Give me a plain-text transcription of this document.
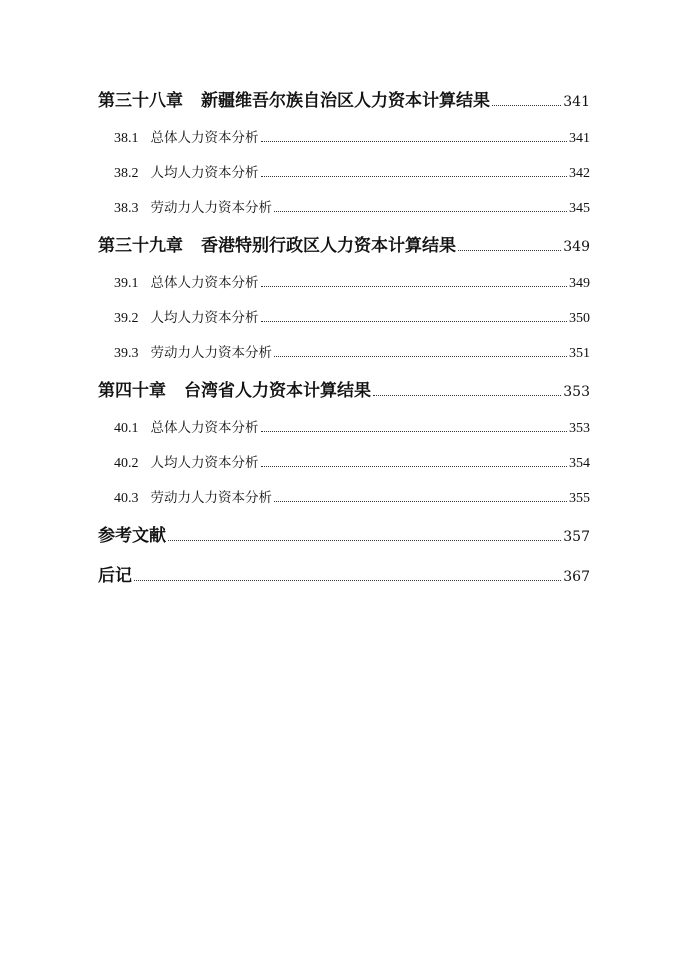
第三十八章 新疆维吾尔族自治区人力资本计算结果	341
38.1 总体人力资本分析	341
38.2 人均人力资本分析	342
38.3 劳动力人力资本分析	345
第三十九章 香港特别行政区人力资本计算结果	349
39.1 总体人力资本分析	349
39.2 人均人力资本分析	350
39.3 劳动力人力资本分析	351
第四十章 台湾省人力资本计算结果	353
40.1 总体人力资本分析	353
40.2 人均人力资本分析	354
40.3 劳动力人力资本分析	355
参考文献	357
后记	367
